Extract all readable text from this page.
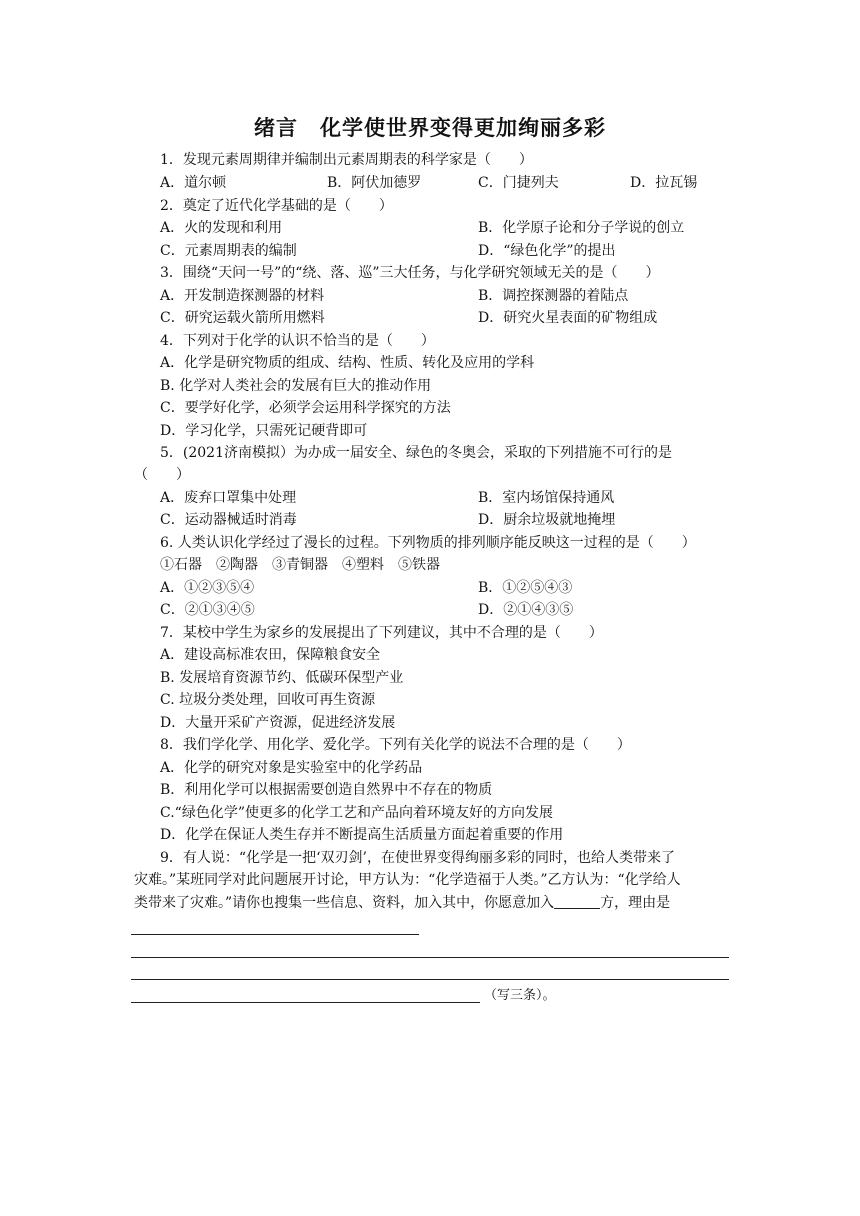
绪言　化学使世界变得更加绚丽多彩
1．发现元素周期律并编制出元素周期表的科学家是（　　）
A．道尔顿	B．阿伏加德罗	C．门捷列夫	D．拉瓦锡
2．奠定了近代化学基础的是（　　）
A．火的发现和利用	B．化学原子论和分子学说的创立
C．元素周期表的编制	D．“绿色化学”的提出
3．围绕“天问一号”的“绕、落、巡”三大任务，与化学研究领域无关的是（　　）
A．开发制造探测器的材料	B．调控探测器的着陆点
C．研究运载火箭所用燃料	D．研究火星表面的矿物组成
4．下列对于化学的认识不恰当的是（　　）
A．化学是研究物质的组成、结构、性质、转化及应用的学科
B. 化学对人类社会的发展有巨大的推动作用
C．要学好化学，必须学会运用科学探究的方法
D．学习化学，只需死记硬背即可
5．(2021济南模拟）为办成一届安全、绿色的冬奥会，采取的下列措施不可行的是
（　　）
A．废弃口罩集中处理	B．室内场馆保持通风
C．运动器械适时消毒	D．厨余垃圾就地掩埋
6. 人类认识化学经过了漫长的过程。下列物质的排列顺序能反映这一过程的是（　　）
①石器　②陶器　③青铜器　④塑料　⑤铁器
A．①②③⑤④	B．①②⑤④③
C．②①③④⑤	D．②①④③⑤
7．某校中学生为家乡的发展提出了下列建议，其中不合理的是（　　）
A．建设高标准农田，保障粮食安全
B. 发展培育资源节约、低碳环保型产业
C. 垃圾分类处理，回收可再生资源
D．大量开采矿产资源，促进经济发展
8．我们学化学、用化学、爱化学。下列有关化学的说法不合理的是（　　）
A．化学的研究对象是实验室中的化学药品
B．利用化学可以根据需要创造自然界中不存在的物质
C.“绿色化学”使更多的化学工艺和产品向着环境友好的方向发展
D．化学在保证人类生存并不断提高生活质量方面起着重要的作用
9．有人说：“化学是一把‘双刃剑’，在使世界变得绚丽多彩的同时，也给人类带来了
灾难。”某班同学对此问题展开讨论，甲方认为：“化学造福于人类。”乙方认为：“化学给人
类带来了灾难。”请你也搜集一些信息、资料，加入其中，你愿意加入	方，理由是
（写三条）。
